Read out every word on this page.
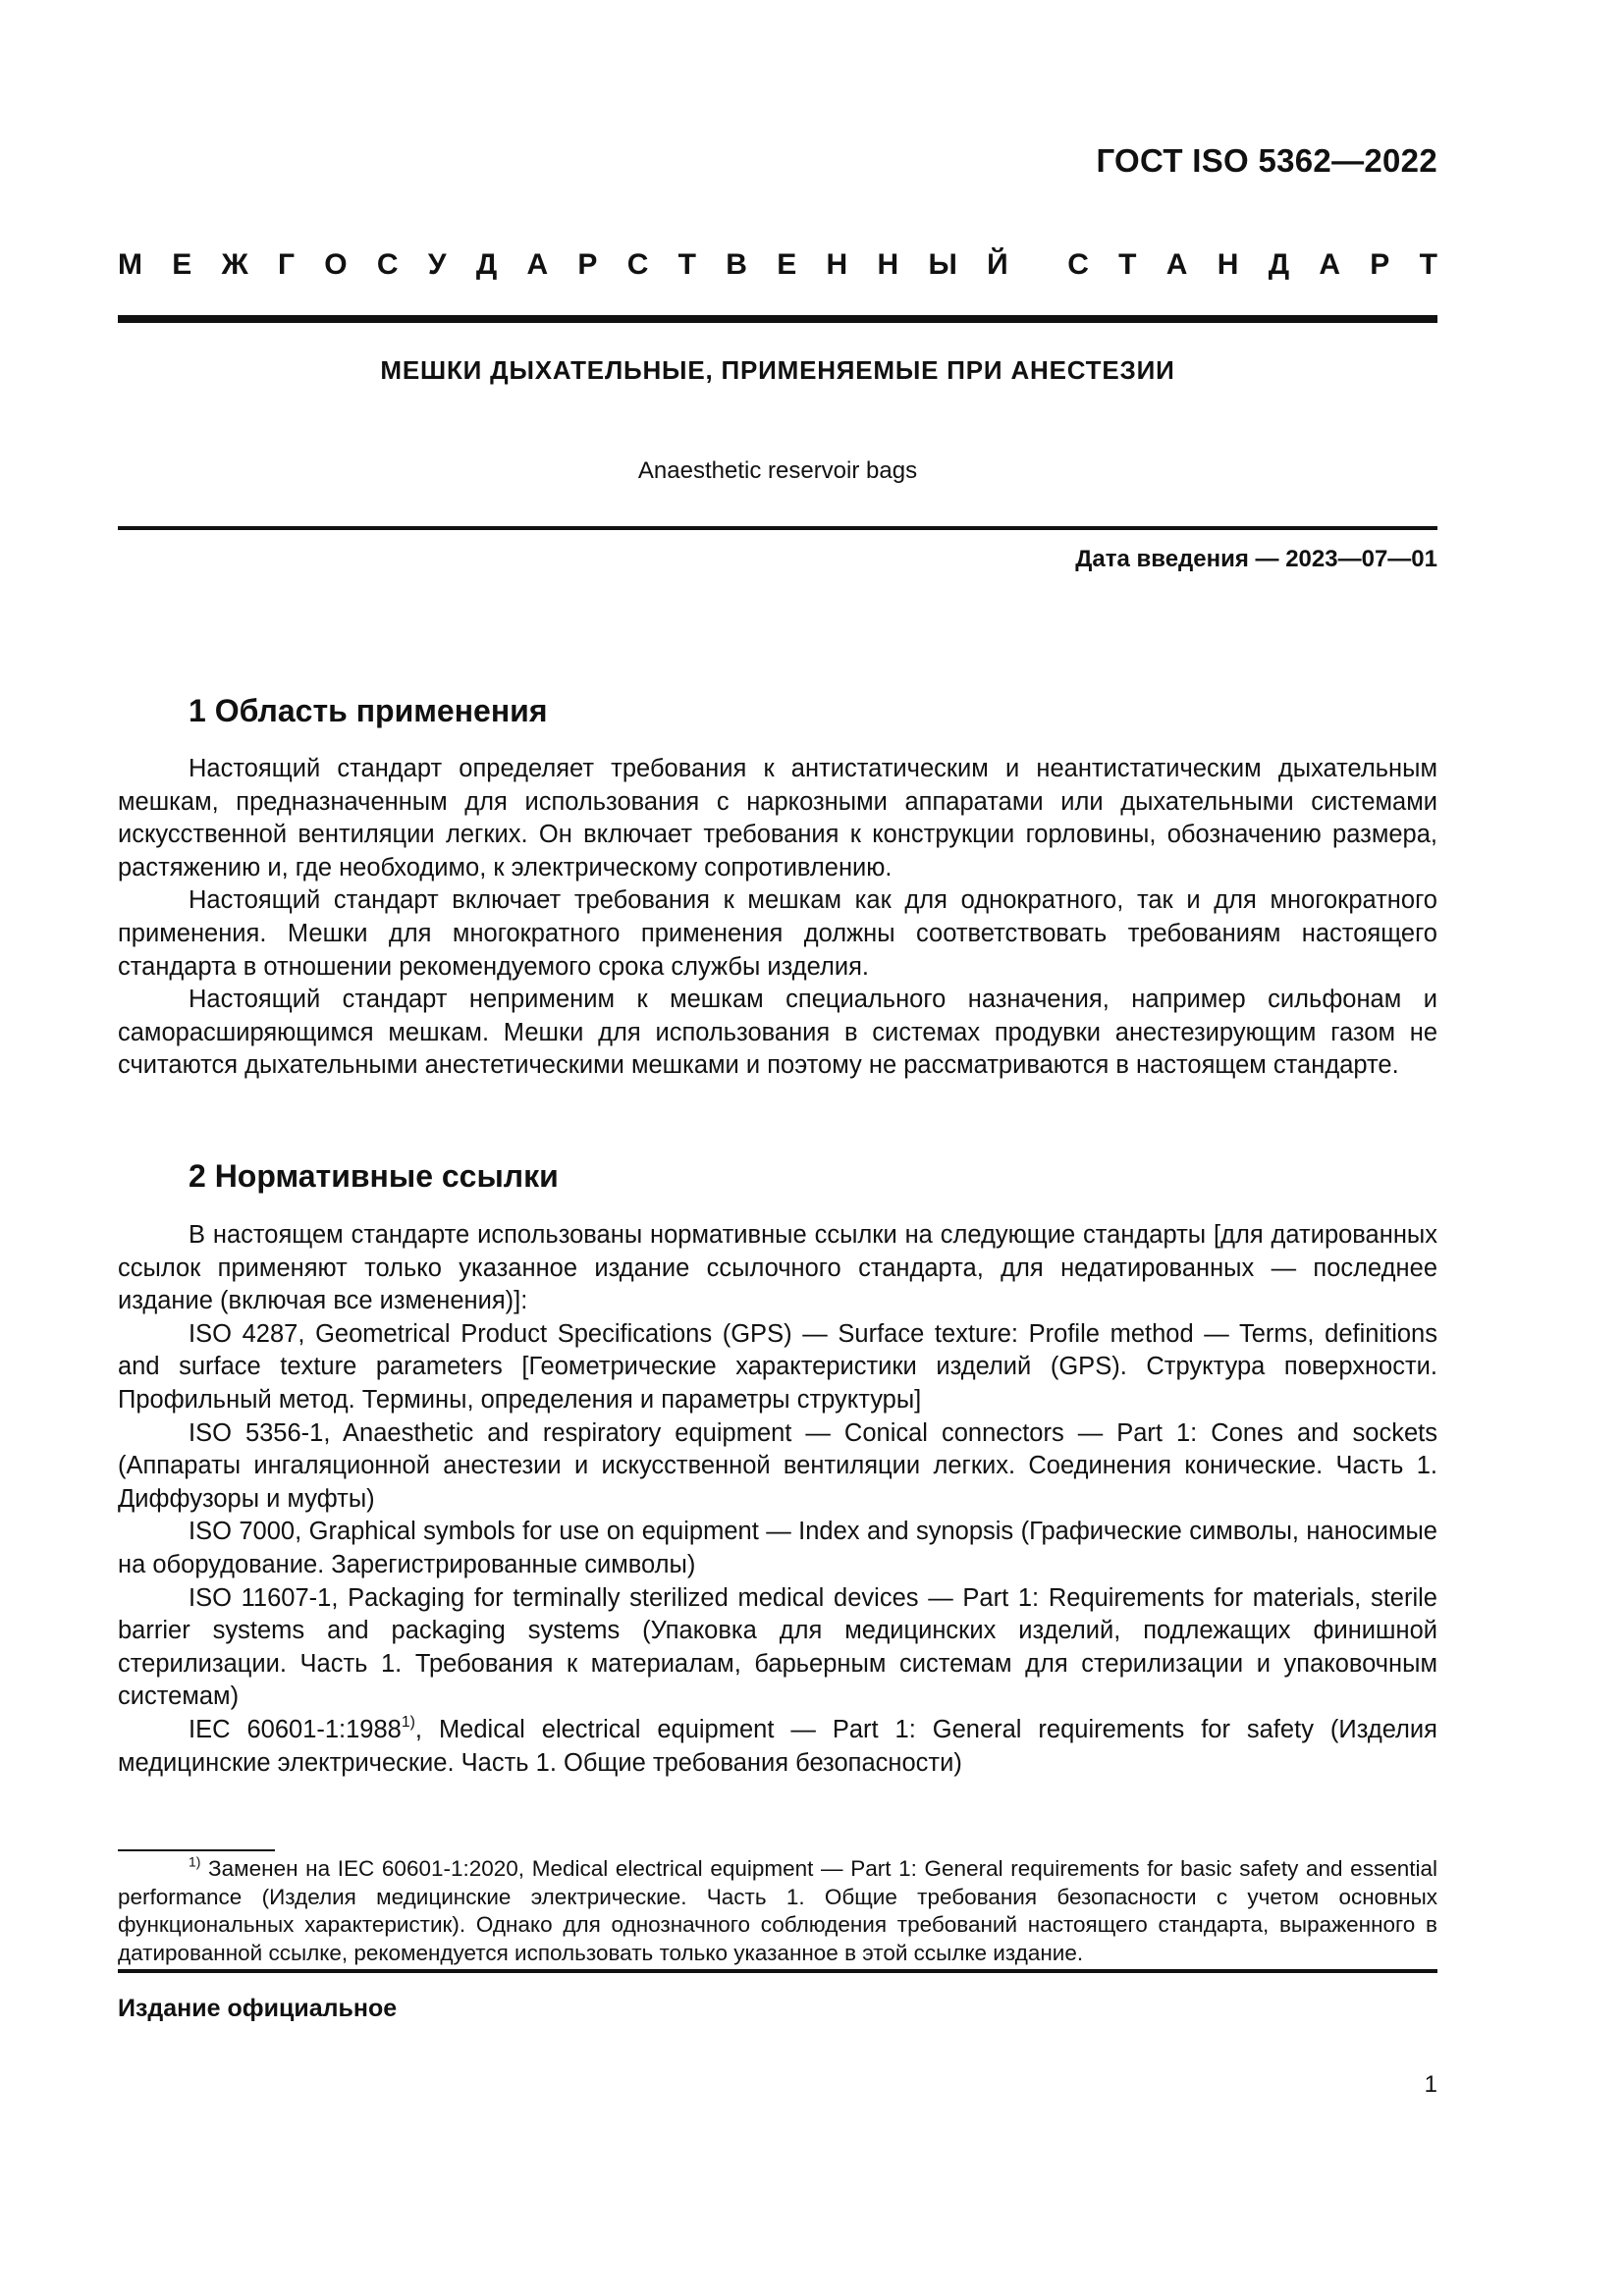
ГОСТ ISO 5362—2022
М Е Ж Г О С У Д А Р С Т В Е Н Н Ы Й С Т А Н Д А Р Т
МЕШКИ ДЫХАТЕЛЬНЫЕ, ПРИМЕНЯЕМЫЕ ПРИ АНЕСТЕЗИИ
Anaesthetic reservoir bags
Дата введения — 2023—07—01
1 Область применения

Настоящий стандарт определяет требования к антистатическим и неантистатическим дыхательным мешкам, предназначенным для использования с наркозными аппаратами или дыхательными системами искусственной вентиляции легких. Он включает требования к конструкции горловины, обозначению размера, растяжению и, где необходимо, к электрическому сопротивлению.

Настоящий стандарт включает требования к мешкам как для однократного, так и для многократного применения. Мешки для многократного применения должны соответствовать требованиям настоящего стандарта в отношении рекомендуемого срока службы изделия.

Настоящий стандарт неприменим к мешкам специального назначения, например сильфонам и саморасширяющимся мешкам. Мешки для использования в системах продувки анестезирующим газом не считаются дыхательными анестетическими мешками и поэтому не рассматриваются в настоящем стандарте.

2 Нормативные ссылки

В настоящем стандарте использованы нормативные ссылки на следующие стандарты [для датированных ссылок применяют только указанное издание ссылочного стандарта, для недатированных — последнее издание (включая все изменения)]:

ISO 4287, Geometrical Product Specifications (GPS) — Surface texture: Profile method — Terms, definitions and surface texture parameters [Геометрические характеристики изделий (GPS). Структура поверхности. Профильный метод. Термины, определения и параметры структуры]

ISO 5356-1, Anaesthetic and respiratory equipment — Conical connectors — Part 1: Cones and sockets (Аппараты ингаляционной анестезии и искусственной вентиляции легких. Соединения конические. Часть 1. Диффузоры и муфты)

ISO 7000, Graphical symbols for use on equipment — Index and synopsis (Графические символы, наносимые на оборудование. Зарегистрированные символы)

ISO 11607-1, Packaging for terminally sterilized medical devices — Part 1: Requirements for materials, sterile barrier systems and packaging systems (Упаковка для медицинских изделий, подлежащих финишной стерилизации. Часть 1. Требования к материалам, барьерным системам для стерилизации и упаковочным системам)

IEC 60601-1:1988$^{1)}$, Medical electrical equipment — Part 1: General requirements for safety (Изделия медицинские электрические. Часть 1. Общие требования безопасности)

$^{1)}$ Заменен на IEC 60601-1:2020, Medical electrical equipment — Part 1: General requirements for basic safety and essential performance (Изделия медицинские электрические. Часть 1. Общие требования безопасности с учетом основных функциональных характеристик). Однако для однозначного соблюдения требований настоящего стандарта, выраженного в датированной ссылке, рекомендуется использовать только указанное в этой ссылке издание.

Издание официальное
1
